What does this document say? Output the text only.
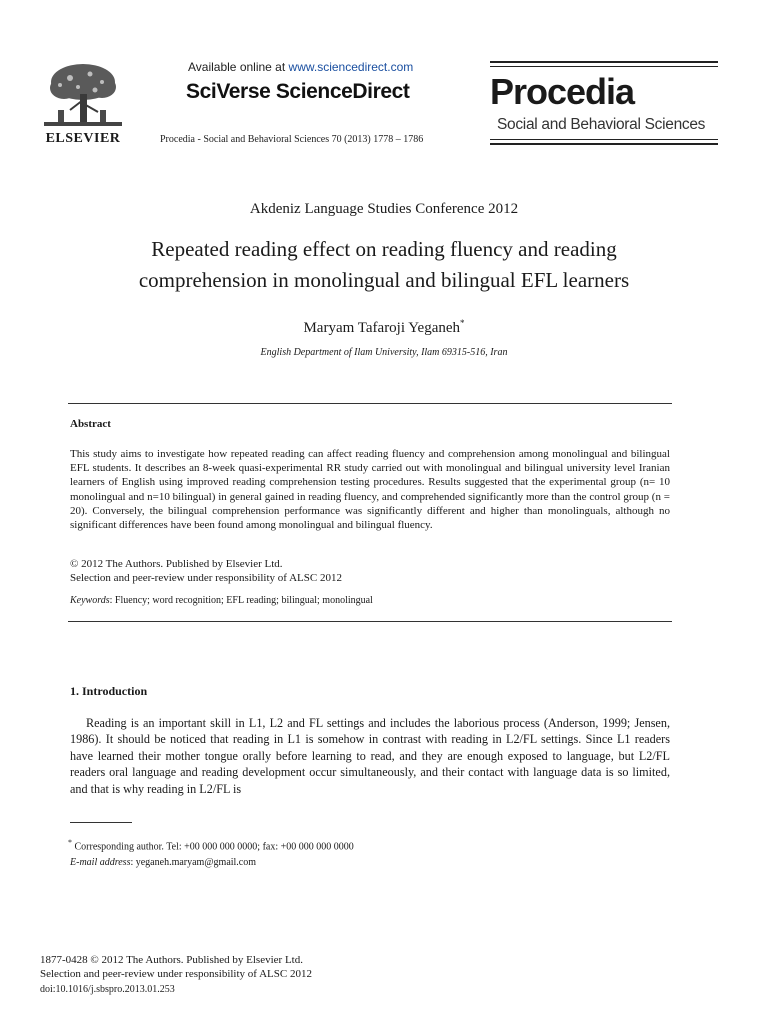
ELSEVIER
Available online at www.sciencedirect.com
SciVerse ScienceDirect
Procedia - Social and Behavioral Sciences 70 (2013) 1778 – 1786
Procedia
Social and Behavioral Sciences
Akdeniz Language Studies Conference 2012
Repeated reading effect on reading fluency and reading
comprehension in monolingual and bilingual EFL learners
Maryam Tafaroji Yeganeh*
English Department of Ilam University, Ilam 69315-516, Iran
Abstract
This study aims to investigate how repeated reading can affect reading fluency and comprehension among monolingual and bilingual EFL students. It describes an 8-week quasi-experimental RR study carried out with monolingual and bilingual university level Iranian learners of English using improved reading comprehension testing procedures. Results suggested that the experimental group (n= 10 monolingual and n=10 bilingual) in general gained in reading fluency, and comprehended significantly more than the control group (n = 20). Conversely, the bilingual comprehension performance was significantly different and higher than monolinguals, although no significant differences have been found among monolingual and bilingual fluency.
© 2012 The Authors. Published by Elsevier Ltd.
Selection and peer-review under responsibility of ALSC 2012
Keywords: Fluency; word recognition; EFL reading; bilingual; monolingual
1. Introduction
Reading is an important skill in L1, L2 and FL settings and includes the laborious process (Anderson, 1999; Jensen, 1986). It should be noticed that reading in L1 is somehow in contrast with reading in L2/FL settings. Since L1 readers have learned their mother tongue orally before learning to read, and they are enough exposed to language, but L2/FL readers oral language and reading development occur simultaneously, and their contact with language data is so limited, and that is why reading in L2/FL is
* Corresponding author. Tel: +00 000 000 0000; fax: +00 000 000 0000
E-mail address: yeganeh.maryam@gmail.com
1877-0428 © 2012 The Authors. Published by Elsevier Ltd.
Selection and peer-review under responsibility of ALSC 2012
doi:10.1016/j.sbspro.2013.01.253
